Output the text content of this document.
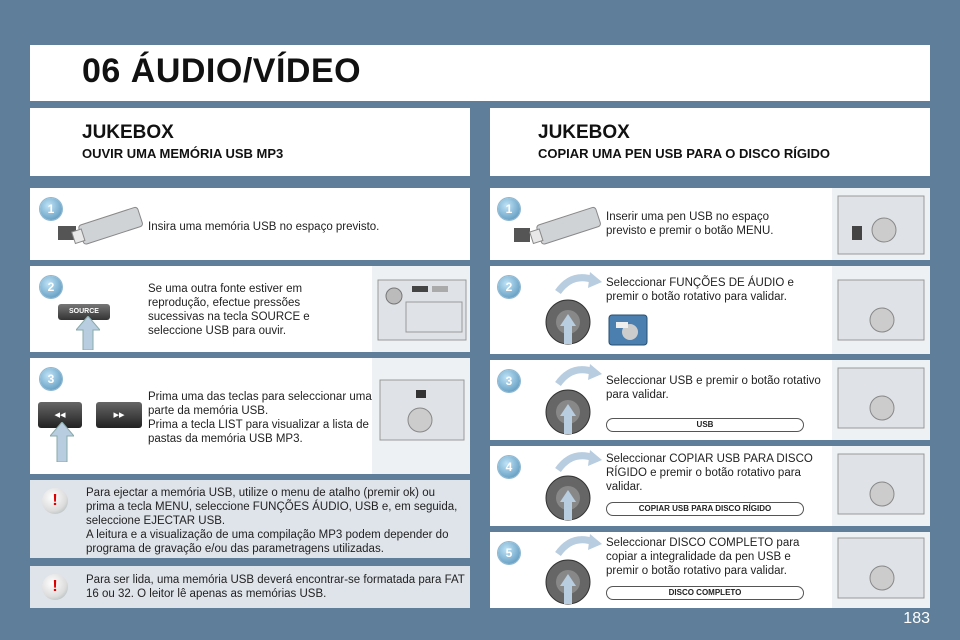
06 ÁUDIO/VÍDEO
JUKEBOX
OUVIR UMA MEMÓRIA USB MP3
JUKEBOX
COPIAR UMA PEN USB PARA O DISCO RÍGIDO
1
Insira uma memória USB no espaço previsto.
2
SOURCE
Se uma outra fonte estiver em reprodução, efectue pressões sucessivas na tecla SOURCE e seleccione USB para ouvir.
3
◂◂	▸▸
Prima uma das teclas para seleccionar uma parte da memória USB.
Prima a tecla LIST para visualizar a lista de pastas da memória USB MP3.
!	Para ejectar a memória USB, utilize o menu de atalho (premir ok) ou prima a tecla MENU, seleccione FUNÇÕES ÁUDIO, USB e, em seguida, seleccione EJECTAR USB.
A leitura e a visualização de uma compilação MP3 podem depender do programa de gravação e/ou das parametragens utilizadas.
!	Para ser lida, uma memória USB deverá encontrar-se formatada para FAT 16 ou 32. O leitor lê apenas as memórias USB.
1
Inserir uma pen USB no espaço previsto e premir o botão MENU.
2	Seleccionar FUNÇÕES DE ÁUDIO e premir o botão rotativo para validar.
3	Seleccionar USB e premir o botão rotativo para validar.
USB
4
Seleccionar COPIAR USB PARA DISCO RÍGIDO e premir o botão rotativo para validar.
COPIAR USB PARA DISCO RÍGIDO
5
Seleccionar DISCO COMPLETO para copiar a integralidade da pen USB e premir o botão rotativo para validar.
DISCO COMPLETO
183
